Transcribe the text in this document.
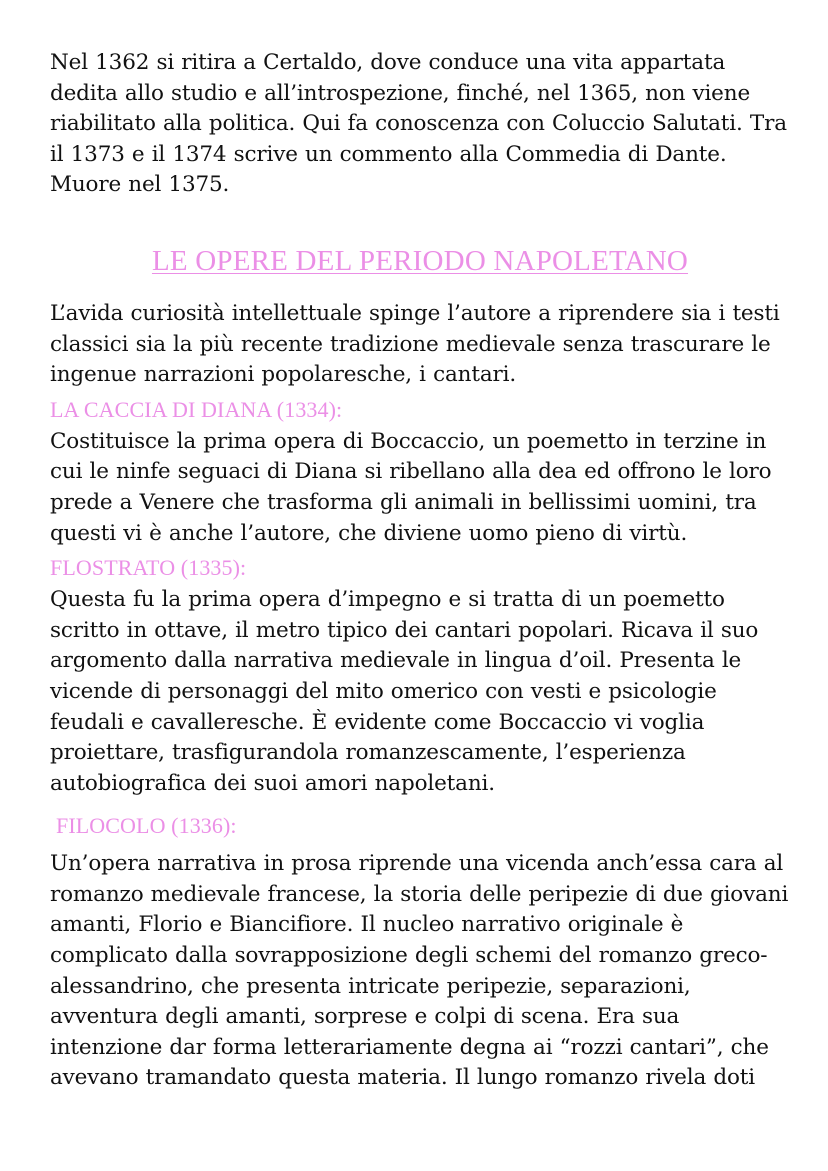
Nel 1362 si ritira a Certaldo, dove conduce una vita appartata dedita allo studio e all’introspezione, finché, nel 1365, non viene riabilitato alla politica. Qui fa conoscenza con Coluccio Salutati. Tra il 1373 e il 1374 scrive un commento alla Commedia di Dante. Muore nel 1375.

LE OPERE DEL PERIODO NAPOLETANO

L’avida curiosità intellettuale spinge l’autore a riprendere sia i testi classici sia la più recente tradizione medievale senza trascurare le ingenue narrazioni popolaresche, i cantari.

LA CACCIA DI DIANA (1334):

Costituisce la prima opera di Boccaccio, un poemetto in terzine in cui le ninfe seguaci di Diana si ribellano alla dea ed offrono le loro prede a Venere che trasforma gli animali in bellissimi uomini, tra questi vi è anche l’autore, che diviene uomo pieno di virtù.

FLOSTRATO (1335):

Questa fu la prima opera d’impegno e si tratta di un poemetto scritto in ottave, il metro tipico dei cantari popolari. Ricava il suo argomento dalla narrativa medievale in lingua d’oil. Presenta le vicende di personaggi del mito omerico con vesti e psicologie feudali e cavalleresche. È evidente come Boccaccio vi voglia proiettare, trasfigurandola romanzescamente, l’esperienza autobiografica dei suoi amori napoletani.

FILOCOLO (1336):

Un’opera narrativa in prosa riprende una vicenda anch’essa cara al romanzo medievale francese, la storia delle peripezie di due giovani amanti, Florio e Biancifiore. Il nucleo narrativo originale è complicato dalla sovrapposizione degli schemi del romanzo greco-alessandrino, che presenta intricate peripezie, separazioni, avventura degli amanti, sorprese e colpi di scena. Era sua intenzione dar forma letterariamente degna ai “rozzi cantari”, che avevano tramandato questa materia. Il lungo romanzo rivela doti
